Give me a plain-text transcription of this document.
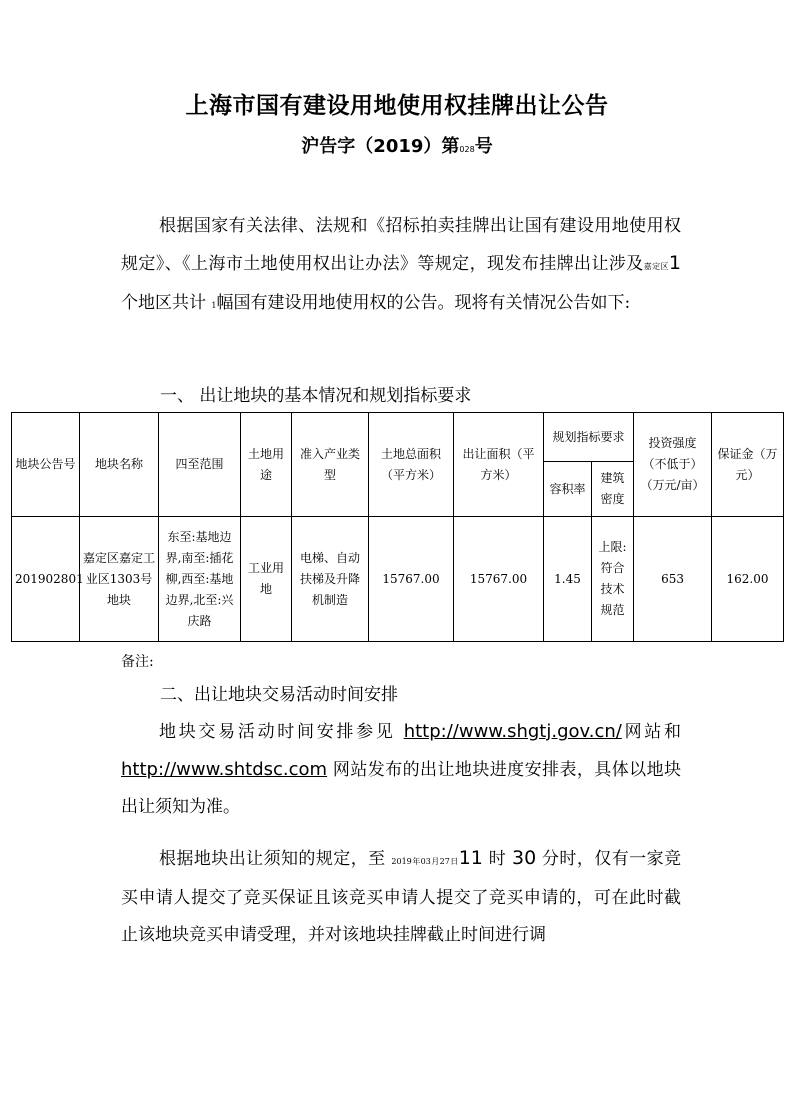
上海市国有建设用地使用权挂牌出让公告
沪告字（2019）第028号
根据国家有关法律、法规和《招标拍卖挂牌出让国有建设用地使用权规定》、《上海市土地使用权出让办法》等规定，现发布挂牌出让涉及嘉定区1 个地区共计 1幅国有建设用地使用权的公告。现将有关情况公告如下:
一、 出让地块的基本情况和规划指标要求
地块公告号	地块名称	四至范围	土地用途	准入产业类型	土地总面积（平方米）	出让面积（平方米）	规划指标要求		投资强度（不低于）（万元/亩）	保证金（万元）
							容积率	建筑密度		
201902801	嘉定区嘉定工业区1303号地块	东至:基地边界,南至:插花柳,西至:基地边界,北至:兴庆路	工业用地	电梯、自动扶梯及升降机制造	15767.00	15767.00	1.45	上限:符合技术规范	653	162.00
备注:
二、出让地块交易活动时间安排
地块交易活动时间安排参见 http://www.shgtj.gov.cn/网站和 http://www.shtdsc.com 网站发布的出让地块进度安排表，具体以地块出让须知为准。
根据地块出让须知的规定，至 2019年03月27日11 时 30 分时，仅有一家竞买申请人提交了竞买保证且该竞买申请人提交了竞买申请的，可在此时截止该地块竞买申请受理，并对该地块挂牌截止时间进行调
